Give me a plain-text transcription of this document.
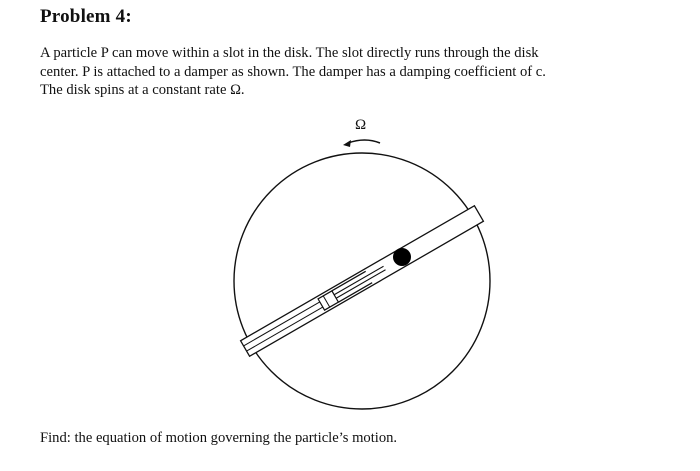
Problem 4:

A particle P can move within a slot in the disk. The slot directly runs through the disk
center. P is attached to a damper as shown. The damper has a damping coefficient of c.
The disk spins at a constant rate Ω.

Ω

Find: the equation of motion governing the particle’s motion.
